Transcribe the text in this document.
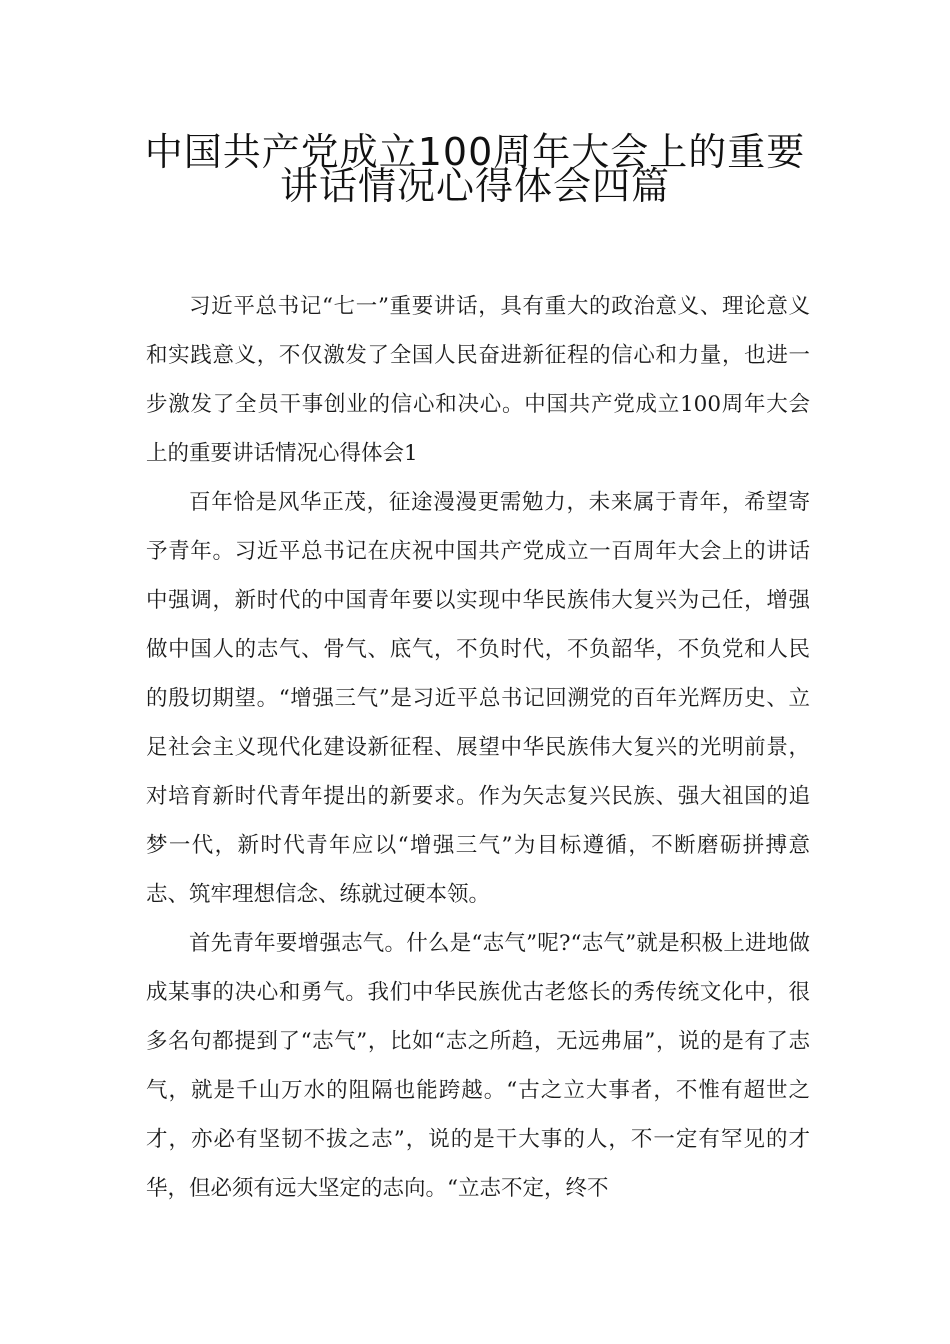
中国共产党成立100周年大会上的重要
讲话情况心得体会四篇

习近平总书记“七一”重要讲话，具有重大的政治意义、理论意义和实践意义，不仅激发了全国人民奋进新征程的信心和力量，也进一步激发了全员干事创业的信心和决心。中国共产党成立100周年大会上的重要讲话情况心得体会1

百年恰是风华正茂，征途漫漫更需勉力，未来属于青年，希望寄予青年。习近平总书记在庆祝中国共产党成立一百周年大会上的讲话中强调，新时代的中国青年要以实现中华民族伟大复兴为己任，增强做中国人的志气、骨气、底气，不负时代，不负韶华，不负党和人民的殷切期望。“增强三气”是习近平总书记回溯党的百年光辉历史、立足社会主义现代化建设新征程、展望中华民族伟大复兴的光明前景，对培育新时代青年提出的新要求。作为矢志复兴民族、强大祖国的追梦一代，新时代青年应以“增强三气”为目标遵循，不断磨砺拼搏意志、筑牢理想信念、练就过硬本领。

首先青年要增强志气。什么是“志气”呢?“志气”就是积极上进地做成某事的决心和勇气。我们中华民族优古老悠长的秀传统文化中，很多名句都提到了“志气”，比如“志之所趋，无远弗届”，说的是有了志气，就是千山万水的阻隔也能跨越。“古之立大事者，不惟有超世之才，亦必有坚韧不拔之志”，说的是干大事的人，不一定有罕见的才华，但必须有远大坚定的志向。“立志不定，终不
